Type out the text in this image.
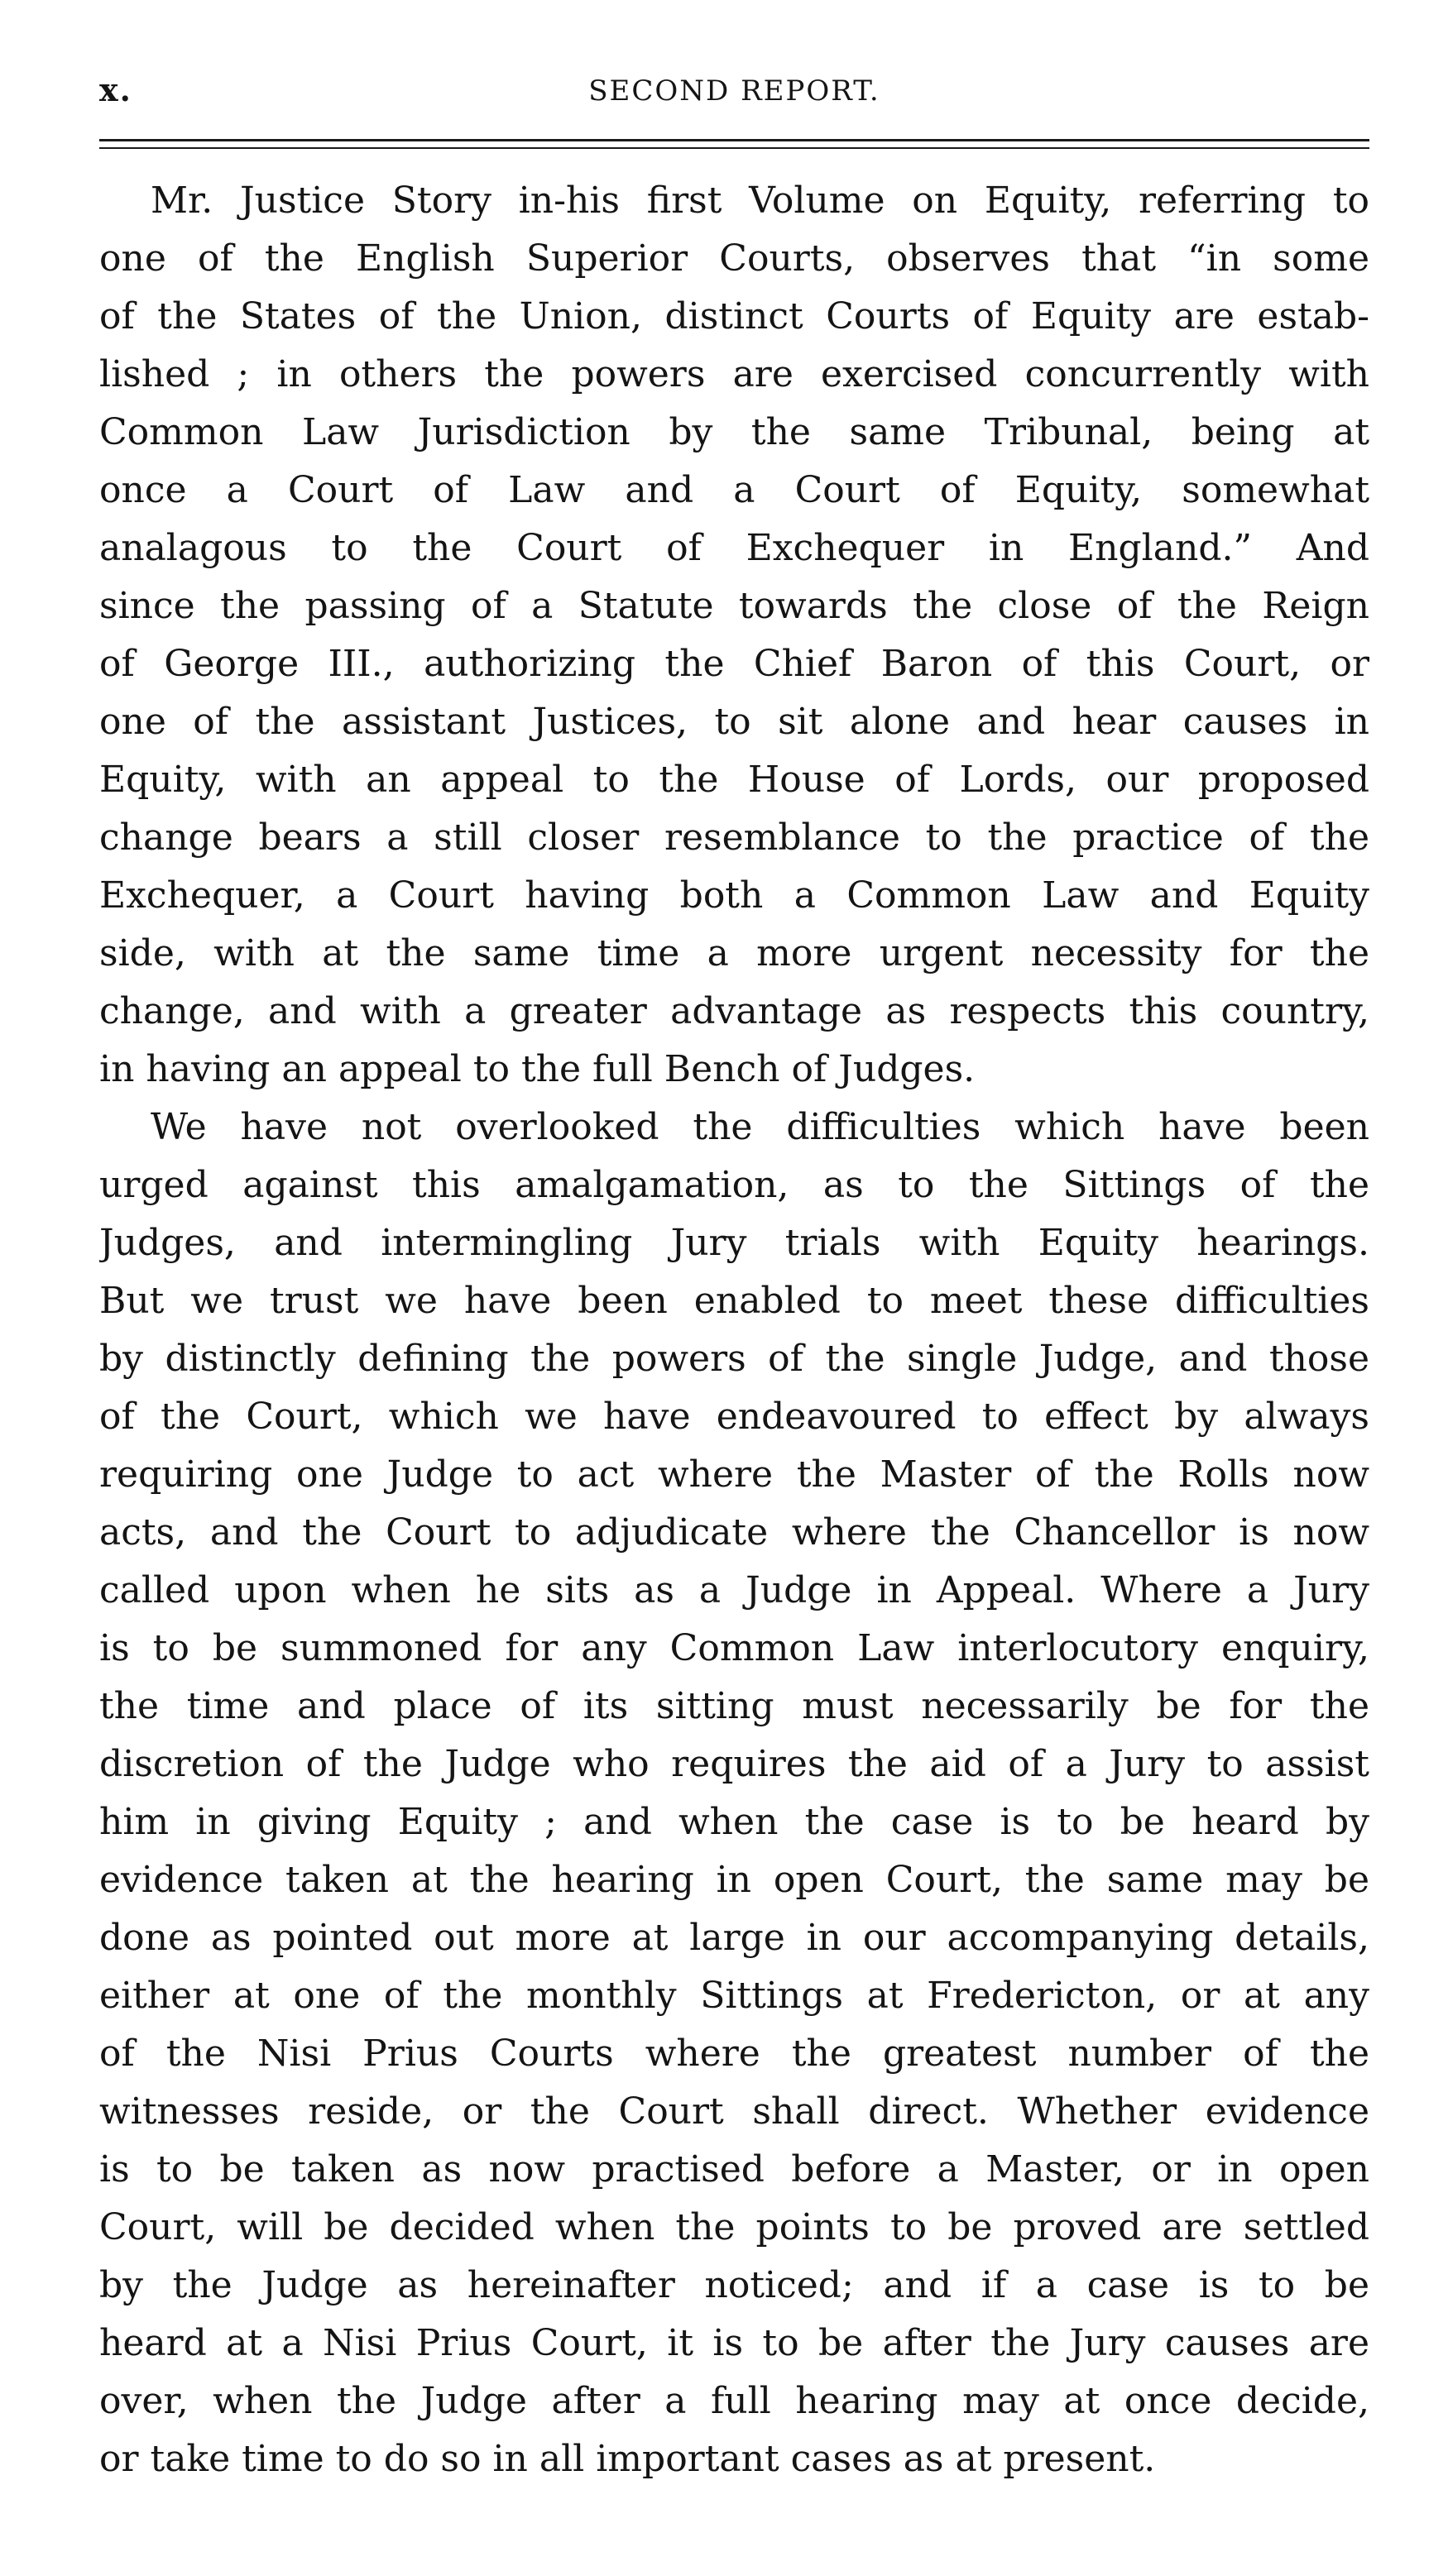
x.	SECOND REPORT.
Mr. Justice Story in-his first Volume on Equity, referring to
one of the English Superior Courts, observes that “in some
of the States of the Union, distinct Courts of Equity are estab-
lished ; in others the powers are exercised concurrently with
Common Law Jurisdiction by the same Tribunal, being at
once a Court of Law and a Court of Equity, somewhat
analagous to the Court of Exchequer in England.” And
since the passing of a Statute towards the close of the Reign
of George III., authorizing the Chief Baron of this Court, or
one of the assistant Justices, to sit alone and hear causes in
Equity, with an appeal to the House of Lords, our proposed
change bears a still closer resemblance to the practice of the
Exchequer, a Court having both a Common Law and Equity
side, with at the same time a more urgent necessity for the
change, and with a greater advantage as respects this country,
in having an appeal to the full Bench of Judges.
We have not overlooked the difficulties which have been
urged against this amalgamation, as to the Sittings of the
Judges, and intermingling Jury trials with Equity hearings.
But we trust we have been enabled to meet these difficulties
by distinctly defining the powers of the single Judge, and those
of the Court, which we have endeavoured to effect by always
requiring one Judge to act where the Master of the Rolls now
acts, and the Court to adjudicate where the Chancellor is now
called upon when he sits as a Judge in Appeal. Where a Jury
is to be summoned for any Common Law interlocutory enquiry,
the time and place of its sitting must necessarily be for the
discretion of the Judge who requires the aid of a Jury to assist
him in giving Equity ; and when the case is to be heard by
evidence taken at the hearing in open Court, the same may be
done as pointed out more at large in our accompanying details,
either at one of the monthly Sittings at Fredericton, or at any
of the Nisi Prius Courts where the greatest number of the
witnesses reside, or the Court shall direct. Whether evidence
is to be taken as now practised before a Master, or in open
Court, will be decided when the points to be proved are settled
by the Judge as hereinafter noticed; and if a case is to be
heard at a Nisi Prius Court, it is to be after the Jury causes are
over, when the Judge after a full hearing may at once decide,
or take time to do so in all important cases as at present.
